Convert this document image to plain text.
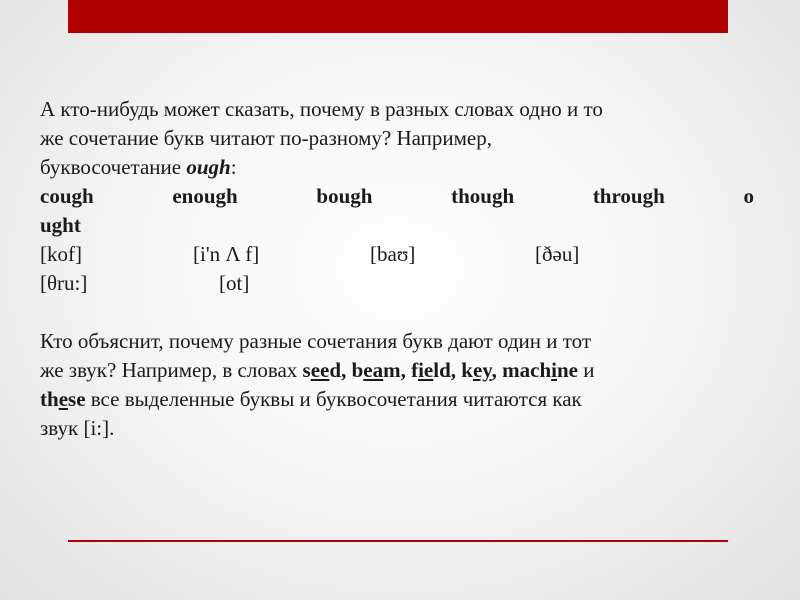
А кто-нибудь может сказать, почему в разных словах одно и то
же сочетание букв читают по-разному? Например,
буквосочетание ough:
cough	enough	bough	though	through	o
ught
[kof]	[i'n Λ f]	[baʊ]	[ðəu]
[θru:]	[ot]
Кто объяснит, почему разные сочетания букв дают один и тот
же звук? Например, в словах seed, beam, field, key, machine и
these все выделенные буквы и буквосочетания читаются как
звук [i:].
